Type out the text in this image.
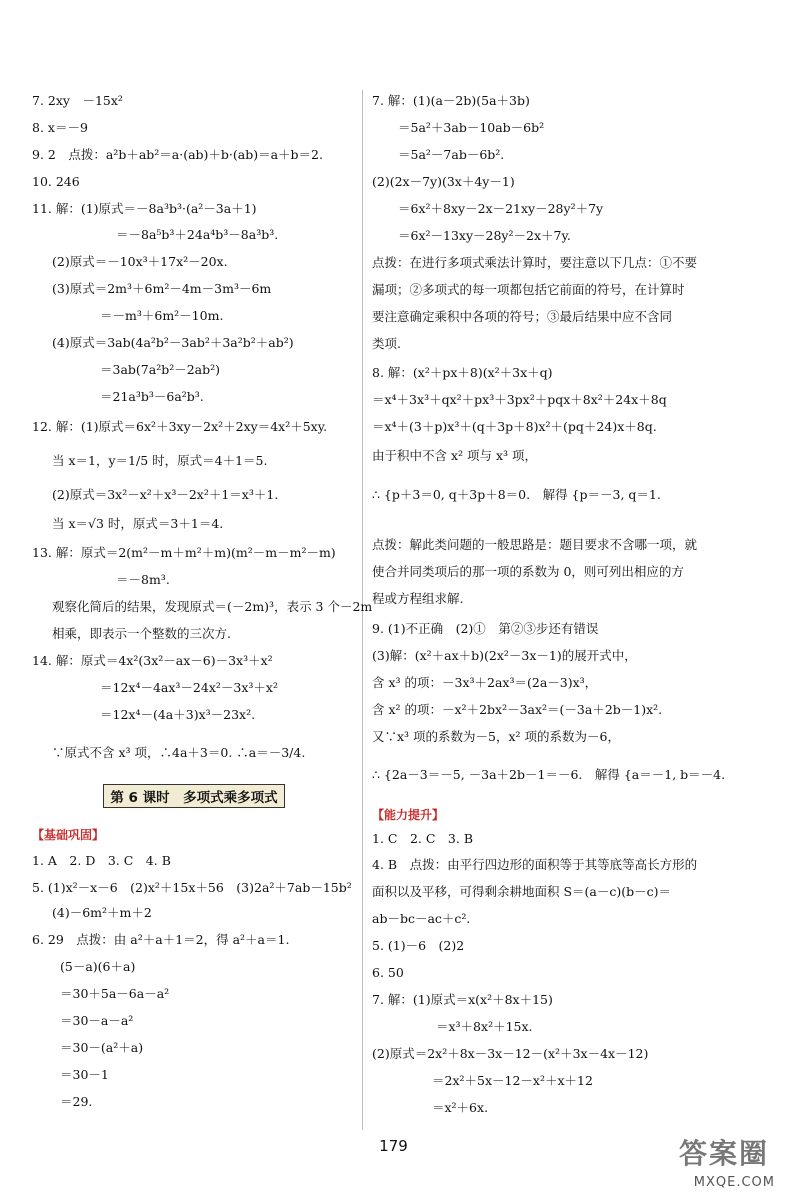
7. 2xy　－15x²
8. x＝－9
9. 2　点拨：a²b＋ab²＝a·(ab)＋b·(ab)＝a＋b＝2.
10. 246
11. 解：(1)原式＝－8a³b³·(a²－3a＋1)
＝－8a⁵b³＋24a⁴b³－8a³b³.
(2)原式＝－10x³＋17x²－20x.
(3)原式＝2m³＋6m²－4m－3m³－6m
＝－m³＋6m²－10m.
(4)原式＝3ab(4a²b²－3ab²＋3a²b²＋ab²)
＝3ab(7a²b²－2ab²)
＝21a³b³－6a²b³.
12. 解：(1)原式＝6x²＋3xy－2x²＋2xy＝4x²＋5xy.
当 x＝1，y＝1/5 时，原式＝4＋1＝5.
(2)原式＝3x²－x²＋x³－2x²＋1＝x³＋1.
当 x＝√3 时，原式＝3＋1＝4.
13. 解：原式＝2(m²－m＋m²＋m)(m²－m－m²－m)
＝－8m³.
观察化简后的结果，发现原式＝(－2m)³，表示 3 个－2m
相乘，即表示一个整数的三次方.
14. 解：原式＝4x²(3x²－ax－6)－3x³＋x²
＝12x⁴－4ax³－24x²－3x³＋x²
＝12x⁴－(4a＋3)x³－23x².
∵原式不含 x³ 项，∴4a＋3＝0. ∴a＝－3/4.
第 6 课时　多项式乘多项式
【基础巩固】
1. A　2. D　3. C　4. B
5. (1)x²－x－6　(2)x²＋15x＋56　(3)2a²＋7ab－15b²
(4)－6m²＋m＋2
6. 29　点拨：由 a²＋a＋1＝2，得 a²＋a＝1.
(5－a)(6＋a)
＝30＋5a－6a－a²
＝30－a－a²
＝30－(a²＋a)
＝30－1
＝29.
7. 解：(1)(a－2b)(5a＋3b)
＝5a²＋3ab－10ab－6b²
＝5a²－7ab－6b².
(2)(2x－7y)(3x＋4y－1)
＝6x²＋8xy－2x－21xy－28y²＋7y
＝6x²－13xy－28y²－2x＋7y.
点拨：在进行多项式乘法计算时，要注意以下几点：①不要
漏项；②多项式的每一项都包括它前面的符号，在计算时
要注意确定乘积中各项的符号；③最后结果中应不含同
类项.
8. 解：(x²＋px＋8)(x²＋3x＋q)
＝x⁴＋3x³＋qx²＋px³＋3px²＋pqx＋8x²＋24x＋8q
＝x⁴＋(3＋p)x³＋(q＋3p＋8)x²＋(pq＋24)x＋8q.
由于积中不含 x² 项与 x³ 项，
∴ {p＋3＝0, q＋3p＋8＝0.　解得 {p＝－3, q＝1.
点拨：解此类问题的一般思路是：题目要求不含哪一项，就
使合并同类项后的那一项的系数为 0，则可列出相应的方
程或方程组求解.
9. (1)不正确　(2)①　第②③步还有错误
(3)解：(x²＋ax＋b)(2x²－3x－1)的展开式中，
含 x³ 的项：－3x³＋2ax³＝(2a－3)x³，
含 x² 的项：－x²＋2bx²－3ax²＝(－3a＋2b－1)x².
又∵x³ 项的系数为－5，x² 项的系数为－6，
∴ {2a－3＝－5, －3a＋2b－1＝－6.　解得 {a＝－1, b＝－4.
【能力提升】
1. C　2. C　3. B
4. B　点拨：由平行四边形的面积等于其等底等高长方形的
面积以及平移，可得剩余耕地面积 S＝(a－c)(b－c)＝
ab－bc－ac＋c².
5. (1)－6　(2)2
6. 50
7. 解：(1)原式＝x(x²＋8x＋15)
＝x³＋8x²＋15x.
(2)原式＝2x²＋8x－3x－12－(x²＋3x－4x－12)
＝2x²＋5x－12－x²＋x＋12
＝x²＋6x.
179	答案圈
MXQE.COM
